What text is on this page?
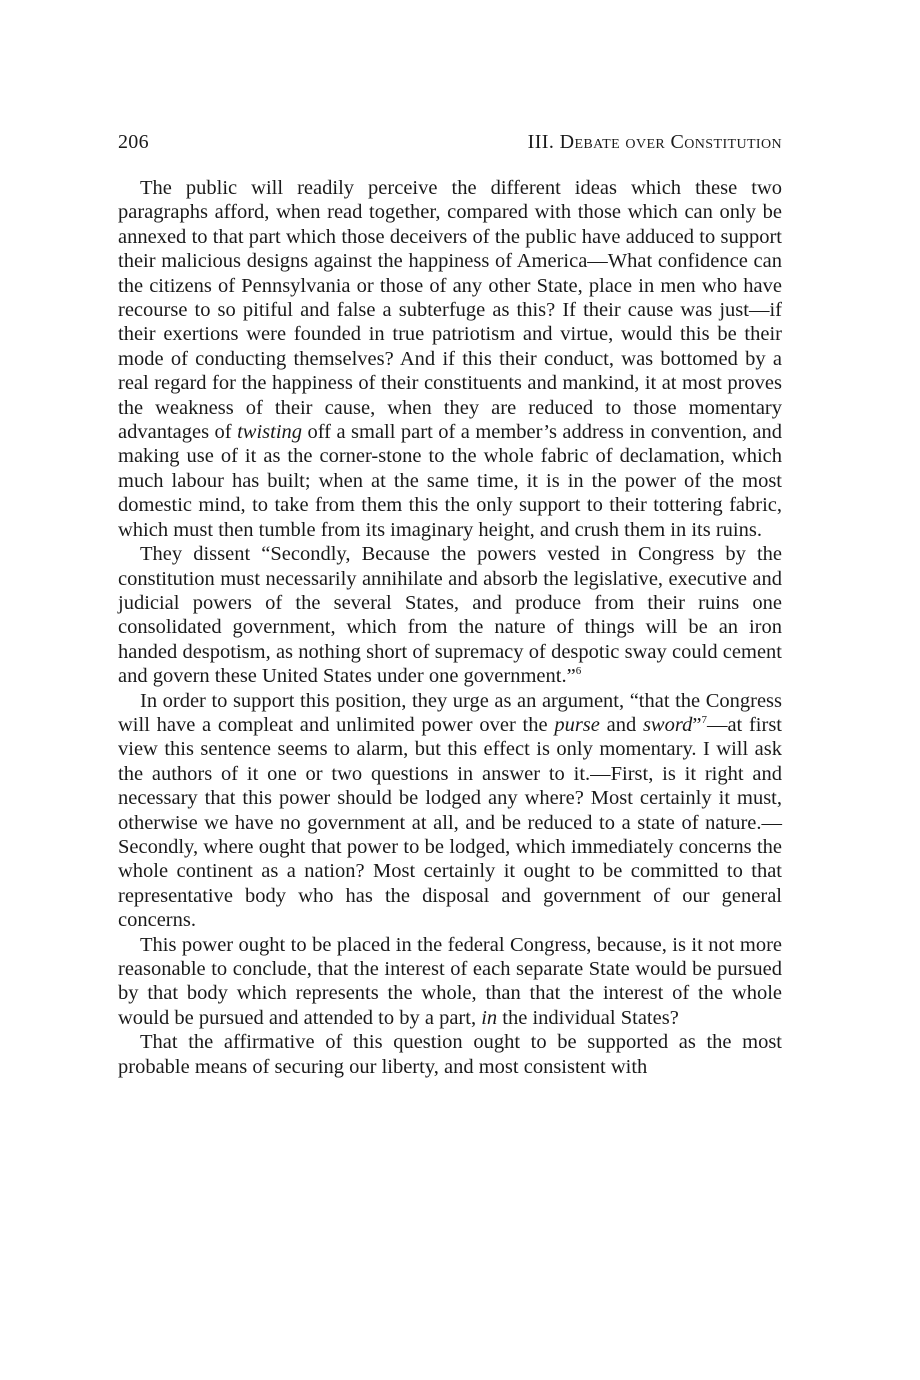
206	III. Debate over Constitution

The public will readily perceive the different ideas which these two paragraphs afford, when read together, compared with those which can only be annexed to that part which those deceivers of the public have adduced to support their malicious designs against the happiness of America—What confidence can the citizens of Pennsylvania or those of any other State, place in men who have recourse to so pitiful and false a subterfuge as this? If their cause was just—if their exertions were founded in true patriotism and virtue, would this be their mode of conducting themselves? And if this their conduct, was bottomed by a real regard for the happiness of their constituents and mankind, it at most proves the weakness of their cause, when they are reduced to those momentary advantages of twisting off a small part of a member’s address in convention, and making use of it as the corner-stone to the whole fabric of declamation, which much labour has built; when at the same time, it is in the power of the most domestic mind, to take from them this the only support to their tottering fabric, which must then tumble from its imaginary height, and crush them in its ruins.

They dissent “Secondly, Because the powers vested in Congress by the constitution must necessarily annihilate and absorb the legislative, executive and judicial powers of the several States, and produce from their ruins one consolidated government, which from the nature of things will be an iron handed despotism, as nothing short of supremacy of despotic sway could cement and govern these United States under one government.”$^6$

In order to support this position, they urge as an argument, “that the Congress will have a compleat and unlimited power over the purse and sword”$^7$—at first view this sentence seems to alarm, but this effect is only momentary. I will ask the authors of it one or two questions in answer to it.—First, is it right and necessary that this power should be lodged any where? Most certainly it must, otherwise we have no government at all, and be reduced to a state of nature.—Secondly, where ought that power to be lodged, which immediately concerns the whole continent as a nation? Most certainly it ought to be committed to that representative body who has the disposal and government of our general concerns.

This power ought to be placed in the federal Congress, because, is it not more reasonable to conclude, that the interest of each separate State would be pursued by that body which represents the whole, than that the interest of the whole would be pursued and attended to by a part, in the individual States?

That the affirmative of this question ought to be supported as the most probable means of securing our liberty, and most consistent with
